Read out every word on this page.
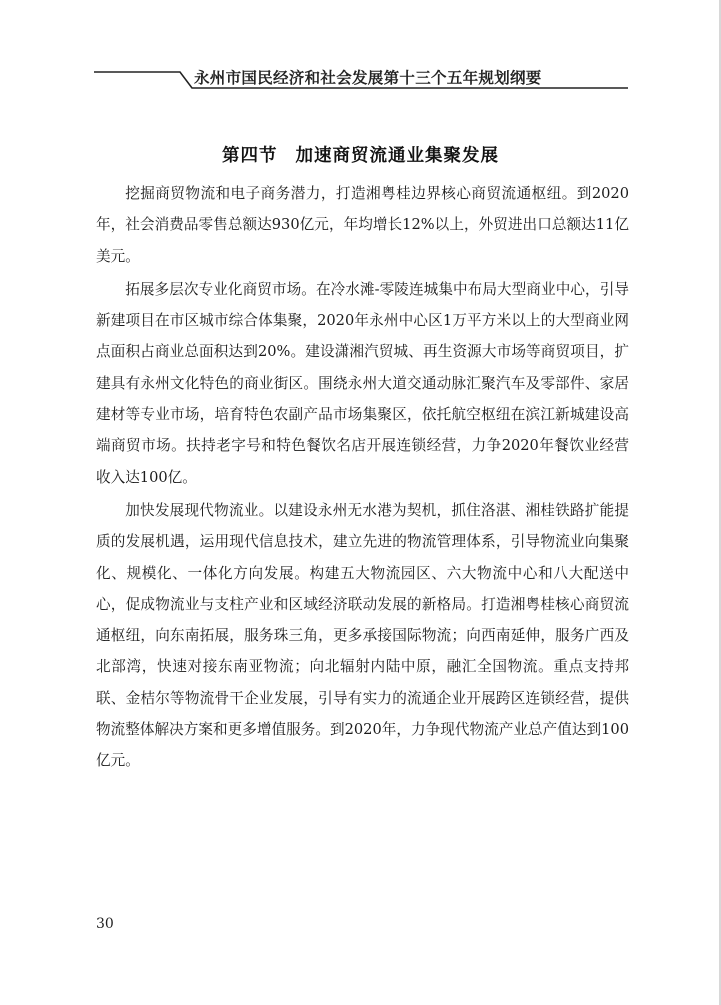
永州市国民经济和社会发展第十三个五年规划纲要
第四节 加速商贸流通业集聚发展

挖掘商贸物流和电子商务潜力，打造湘粤桂边界核心商贸流通枢纽。到2020年，社会消费品零售总额达930亿元，年均增长12%以上，外贸进出口总额达11亿美元。

拓展多层次专业化商贸市场。在冷水滩-零陵连城集中布局大型商业中心，引导新建项目在市区城市综合体集聚，2020年永州中心区1万平方米以上的大型商业网点面积占商业总面积达到20%。建设潇湘汽贸城、再生资源大市场等商贸项目，扩建具有永州文化特色的商业街区。围绕永州大道交通动脉汇聚汽车及零部件、家居建材等专业市场，培育特色农副产品市场集聚区，依托航空枢纽在滨江新城建设高端商贸市场。扶持老字号和特色餐饮名店开展连锁经营，力争2020年餐饮业经营收入达100亿。

加快发展现代物流业。以建设永州无水港为契机，抓住洛湛、湘桂铁路扩能提质的发展机遇，运用现代信息技术，建立先进的物流管理体系，引导物流业向集聚化、规模化、一体化方向发展。构建五大物流园区、六大物流中心和八大配送中心，促成物流业与支柱产业和区域经济联动发展的新格局。打造湘粤桂核心商贸流通枢纽，向东南拓展，服务珠三角，更多承接国际物流；向西南延伸，服务广西及北部湾，快速对接东南亚物流；向北辐射内陆中原，融汇全国物流。重点支持邦联、金桔尔等物流骨干企业发展，引导有实力的流通企业开展跨区连锁经营，提供物流整体解决方案和更多增值服务。到2020年，力争现代物流产业总产值达到100亿元。

30
